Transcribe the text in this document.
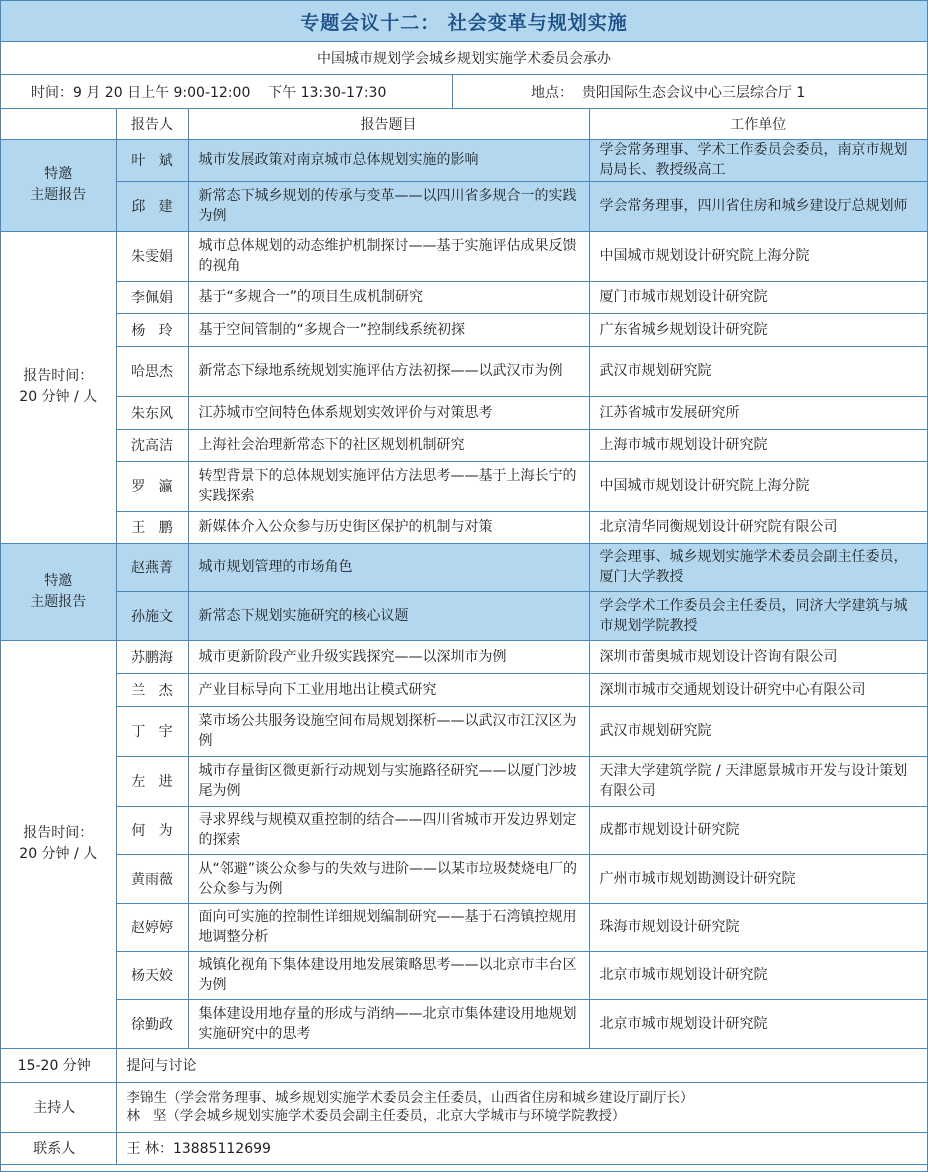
专题会议十二： 社会变革与规划实施
中国城市规划学会城乡规划实施学术委员会承办
时间：9 月 20 日上午 9:00-12:00    下午 13:30-17:30	地点：  贵阳国际生态会议中心三层综合厅 1
	报告人	报告题目	工作单位
特邀
主题报告	叶   斌	城市发展政策对南京城市总体规划实施的影响	学会常务理事、学术工作委员会委员，南京市规划局局长、教授级高工
	邱   建	新常态下城乡规划的传承与变革——以四川省多规合一的实践为例	学会常务理事，四川省住房和城乡建设厅总规划师
报告时间：
20 分钟 / 人	朱雯娟	城市总体规划的动态维护机制探讨——基于实施评估成果反馈的视角	中国城市规划设计研究院上海分院
	李佩娟	基于“多规合一”的项目生成机制研究	厦门市城市规划设计研究院
	杨   玲	基于空间管制的“多规合一”控制线系统初探	广东省城乡规划设计研究院
	哈思杰	新常态下绿地系统规划实施评估方法初探——以武汉市为例	武汉市规划研究院
	朱东风	江苏城市空间特色体系规划实效评价与对策思考	江苏省城市发展研究所
	沈高洁	上海社会治理新常态下的社区规划机制研究	上海市城市规划设计研究院
	罗   瀛	转型背景下的总体规划实施评估方法思考——基于上海长宁的实践探索	中国城市规划设计研究院上海分院
	王   鹏	新媒体介入公众参与历史街区保护的机制与对策	北京清华同衡规划设计研究院有限公司
特邀
主题报告	赵燕菁	城市规划管理的市场角色	学会理事、城乡规划实施学术委员会副主任委员，厦门大学教授
	孙施文	新常态下规划实施研究的核心议题	学会学术工作委员会主任委员，同济大学建筑与城市规划学院教授
报告时间：
20 分钟 / 人	苏鹏海	城市更新阶段产业升级实践探究——以深圳市为例	深圳市蕾奥城市规划设计咨询有限公司
	兰   杰	产业目标导向下工业用地出让模式研究	深圳市城市交通规划设计研究中心有限公司
	丁   宇	菜市场公共服务设施空间布局规划探析——以武汉市江汉区为例	武汉市规划研究院
	左   进	城市存量街区微更新行动规划与实施路径研究——以厦门沙坡尾为例	天津大学建筑学院 / 天津愿景城市开发与设计策划有限公司
	何   为	寻求界线与规模双重控制的结合——四川省城市开发边界划定的探索	成都市规划设计研究院
	黄雨薇	从“邻避”谈公众参与的失效与进阶——以某市垃圾焚烧电厂的公众参与为例	广州市城市规划勘测设计研究院
	赵婷婷	面向可实施的控制性详细规划编制研究——基于石湾镇控规用地调整分析	珠海市规划设计研究院
	杨天姣	城镇化视角下集体建设用地发展策略思考——以北京市丰台区为例	北京市城市规划设计研究院
	徐勤政	集体建设用地存量的形成与消纳——北京市集体建设用地规划实施研究中的思考	北京市城市规划设计研究院
15-20 分钟	提问与讨论		
主持人	李锦生（学会常务理事、城乡规划实施学术委员会主任委员，山西省住房和城乡建设厅副厅长）
林   坚（学会城乡规划实施学术委员会副主任委员，北京大学城市与环境学院教授）		

联系人	王 林：13885112699		
